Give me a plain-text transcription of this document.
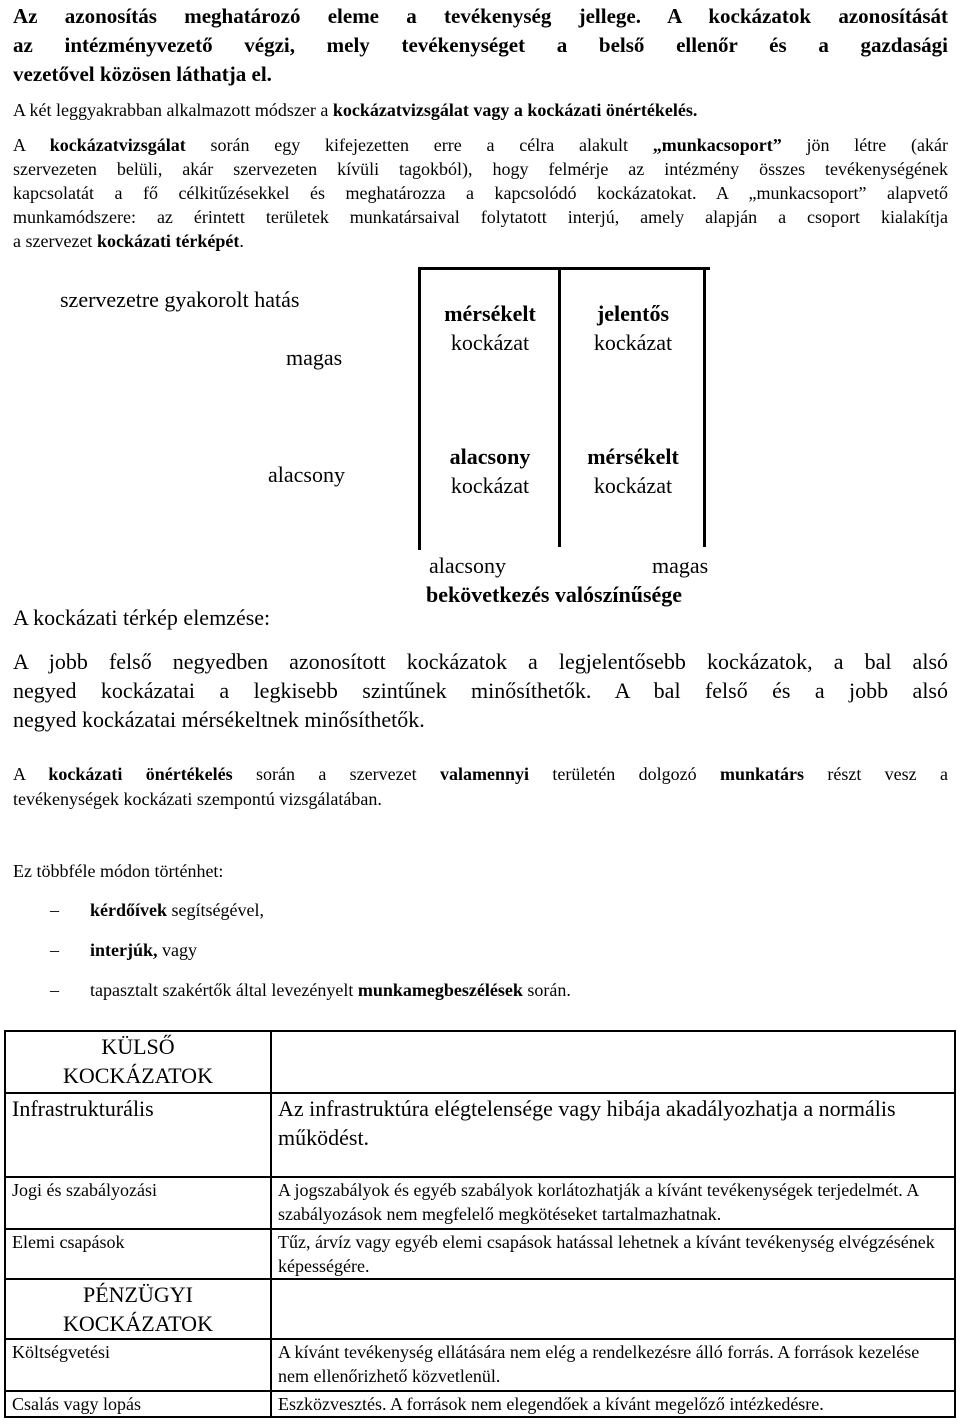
Az azonosítás meghatározó eleme a tevékenység jellege. A kockázatok azonosítását
az intézményvezető végzi, mely tevékenységet a belső ellenőr és a gazdasági
vezetővel közösen láthatja el.
A két leggyakrabban alkalmazott módszer a kockázatvizsgálat vagy a kockázati önértékelés.
A kockázatvizsgálat során egy kifejezetten erre a célra alakult „munkacsoport” jön létre (akár
szervezeten belüli, akár szervezeten kívüli tagokból), hogy felmérje az intézmény összes tevékenységének
kapcsolatát a fő célkitűzésekkel és meghatározza a kapcsolódó kockázatokat. A „munkacsoport” alapvető
munkamódszere: az érintett területek munkatársaival folytatott interjú, amely alapján a csoport kialakítja
a szervezet kockázati térképét.
szervezetre gyakorolt hatás
magas
alacsony
mérsékelt
kockázat
jelentős
kockázat
alacsony
kockázat
mérsékelt
kockázat
alacsony	magas
bekövetkezés valószínűsége
A kockázati térkép elemzése:
A jobb felső negyedben azonosított kockázatok a legjelentősebb kockázatok, a bal alsó
negyed kockázatai a legkisebb szintűnek minősíthetők. A bal felső és a jobb alsó
negyed kockázatai mérsékeltnek minősíthetők.
A kockázati önértékelés során a szervezet valamennyi területén dolgozó munkatárs részt vesz a
tevékenységek kockázati szempontú vizsgálatában.
Ez többféle módon történhet:
– kérdőívek segítségével,
– interjúk, vagy
– tapasztalt szakértők által levezényelt munkamegbeszélések során.
KÜLSŐ
KOCKÁZATOK	

Infrastrukturális	Az infrastruktúra elégtelensége vagy hibája akadályozhatja a normális működést.
Jogi és szabályozási	A jogszabályok és egyéb szabályok korlátozhatják a kívánt tevékenységek terjedelmét. A szabályozások nem megfelelő megkötéseket tartalmazhatnak.
Elemi csapások	Tűz, árvíz vagy egyéb elemi csapások hatással lehetnek a kívánt tevékenység elvégzésének képességére.

PÉNZÜGYI
KOCKÁZATOK	

Költségvetési	A kívánt tevékenység ellátására nem elég a rendelkezésre álló forrás. A források kezelése nem ellenőrizhető közvetlenül.
Csalás vagy lopás	Eszközvesztés. A források nem elegendőek a kívánt megelőző intézkedésre.
